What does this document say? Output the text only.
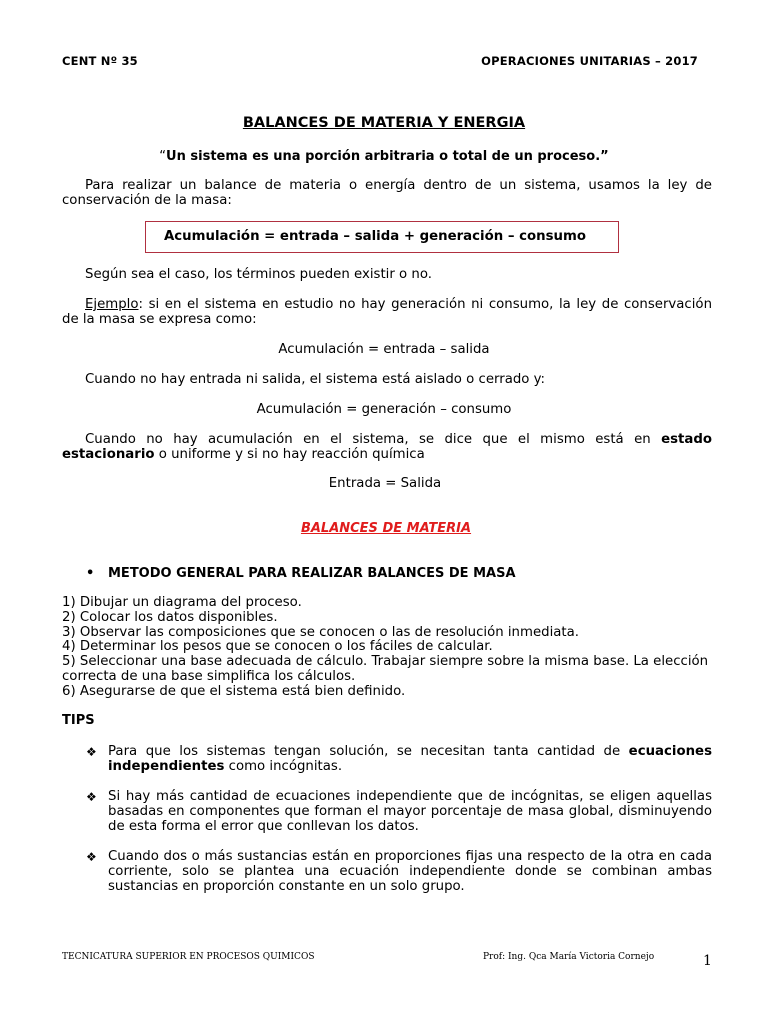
CENT Nº 35	OPERACIONES UNITARIAS – 2017
BALANCES DE MATERIA Y ENERGIA
“Un sistema es una porción arbitraria o total de un proceso.”
Para realizar un balance de materia o energía dentro de un sistema, usamos la ley de conservación de la masa:
Acumulación = entrada – salida + generación – consumo
Según sea el caso, los términos pueden existir o no.
Ejemplo: si en el sistema en estudio no hay generación ni consumo, la ley de conservación de la masa se expresa como:
Acumulación = entrada – salida
Cuando no hay entrada ni salida, el sistema está aislado o cerrado y:
Acumulación = generación – consumo
Cuando no hay acumulación en el sistema, se dice que el mismo está en estado estacionario o uniforme y si no hay reacción química
Entrada = Salida
BALANCES DE MATERIA
• METODO GENERAL PARA REALIZAR BALANCES DE MASA
1) Dibujar un diagrama del proceso.
2) Colocar los datos disponibles.
3) Observar las composiciones que se conocen o las de resolución inmediata.
4) Determinar los pesos que se conocen o los fáciles de calcular.
5) Seleccionar una base adecuada de cálculo. Trabajar siempre sobre la misma base. La elección correcta de una base simplifica los cálculos.
6) Asegurarse de que el sistema está bien definido.
TIPS
❖ Para que los sistemas tengan solución, se necesitan tanta cantidad de ecuaciones independientes como incógnitas.
❖ Si hay más cantidad de ecuaciones independiente que de incógnitas, se eligen aquellas basadas en componentes que forman el mayor porcentaje de masa global, disminuyendo de esta forma el error que conllevan los datos.
❖ Cuando dos o más sustancias están en proporciones fijas una respecto de la otra en cada corriente, solo se plantea una ecuación independiente donde se combinan ambas sustancias en proporción constante en un solo grupo.
TECNICATURA SUPERIOR EN PROCESOS QUIMICOS	Prof: Ing. Qca María Victoria Cornejo	1
